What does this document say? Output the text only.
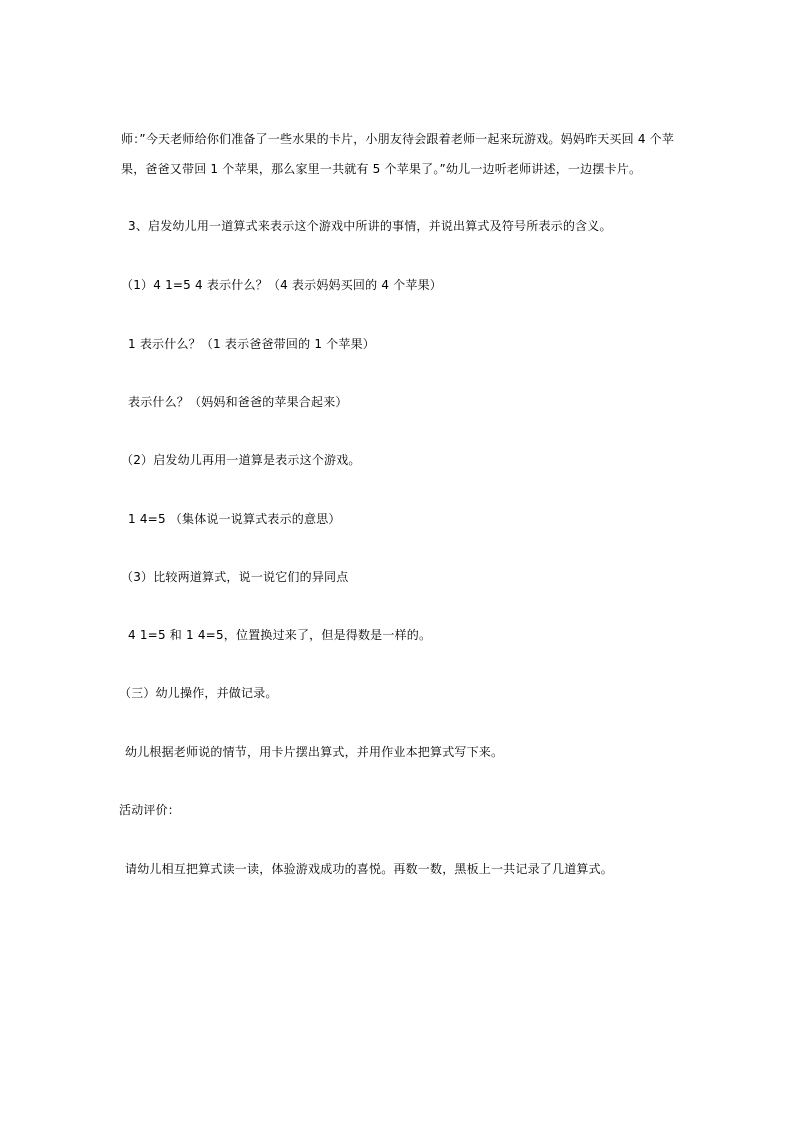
师：”今天老师给你们准备了一些水果的卡片，小朋友待会跟着老师一起来玩游戏。妈妈昨天买回 4 个苹
果，爸爸又带回 1 个苹果，那么家里一共就有 5 个苹果了。”幼儿一边听老师讲述，一边摆卡片。
3、启发幼儿用一道算式来表示这个游戏中所讲的事情，并说出算式及符号所表示的含义。
（1）4 1=5 4 表示什么？（4 表示妈妈买回的 4 个苹果）
1 表示什么？（1 表示爸爸带回的 1 个苹果）
表示什么？（妈妈和爸爸的苹果合起来）
（2）启发幼儿再用一道算是表示这个游戏。
1 4=5 （集体说一说算式表示的意思）
（3）比较两道算式，说一说它们的异同点
4 1=5 和 1 4=5，位置换过来了，但是得数是一样的。
（三）幼儿操作，并做记录。
幼儿根据老师说的情节，用卡片摆出算式，并用作业本把算式写下来。
活动评价：
请幼儿相互把算式读一读，体验游戏成功的喜悦。再数一数，黑板上一共记录了几道算式。
